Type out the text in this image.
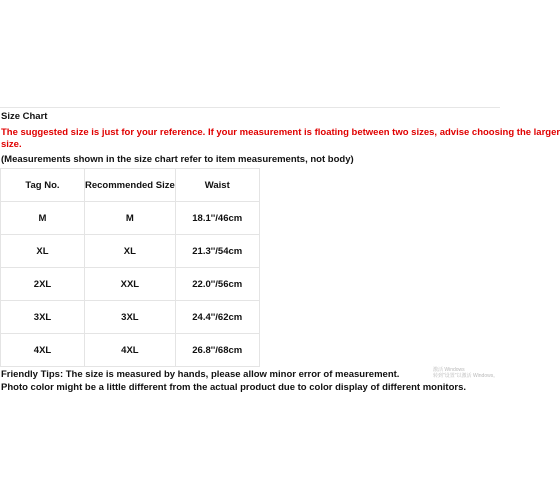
Size Chart
The suggested size is just for your reference. If your measurement is floating between two sizes, advise choosing the larger
size.
(Measurements shown in the size chart refer to item measurements, not body)
Tag No.	Recommended Size	Waist
M	M	18.1''/46cm
XL	XL	21.3''/54cm
2XL	XXL	22.0''/56cm
3XL	3XL	24.4''/62cm
4XL	4XL	26.8''/68cm
Friendly Tips: The size is measured by hands, please allow minor error of measurement.
Photo color might be a little different from the actual product due to color display of different monitors.
激活 Windows
转到"设置"以激活 Windows。
